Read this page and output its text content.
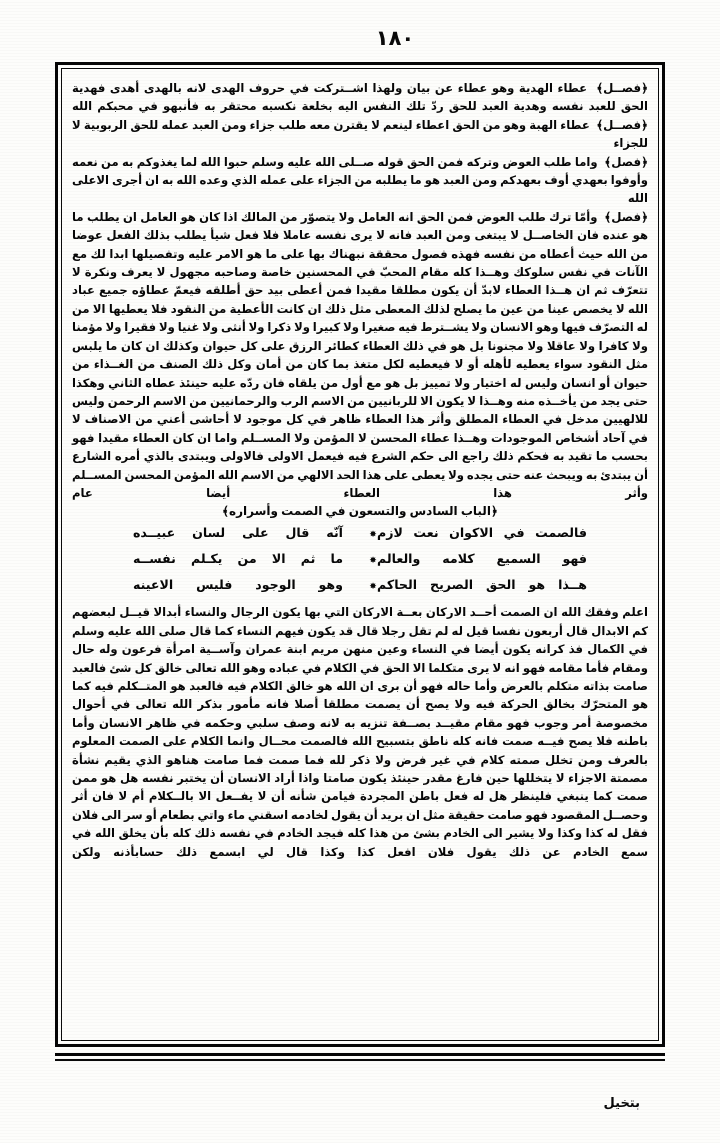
١٨٠

﴿فصــل﴾  عطاء الهدية وهو عطاء عن بيان ولهذا اشــتركت في حروف الهدى لانه بالهدى أهدى فهدية الحق للعبد نفسه وهدية العبد للحق ردّ تلك النفس اليه بخلعة نكسبه محتقر به فأنبهو في محبكم الله

﴿فصــل﴾  عطاء الهبة وهو من الحق اعطاء لينعم لا يقترن معه طلب جزاء ومن العبد عمله للحق الربوبية لا للجزاء

﴿فصل﴾  واما طلب العوض وتركه فمن الحق قوله صــلى الله عليه وسلم حبوا الله لما يغذوكم به من نعمه وأوفوا بعهدي أوف بعهدكم ومن العبد هو ما يطلبه من الجزاء على عمله الذي وعده الله به ان أجرى الاعلى الله

﴿فصل﴾  وأمّا ترك طلب العوض فمن الحق انه العامل ولا يتصوّر من المالك اذا كان هو العامل ان يطلب ما هو عنده فان الخاصــل لا يبتغى ومن العبد فانه لا يرى نفسه عاملا فلا فعل شيأ يطلب بذلك الفعل عوضا من الله حيث أعطاه من نفسه فهذه فصول محققة نبهناك بها على ما هو الامر عليه وتفصيلها ابدا لك مع الآنات في نفس سلوكك وهــذا كله مقام المحبّ في المحسنين خاصة وصاحبه مجهول لا يعرف ونكرة لا تتعرّف ثم ان هــذا العطاء لابدّ أن يكون مطلقا مقيدا فمن أعطى بيد حق أطلقه فيعمّ عطاؤه جميع عباد الله لا يخصص عينا من عين ما يصلح لذلك المعطى مثل ذلك ان كانت الأعطية من النقود فلا يعطيها الا من له التصرّف فيها وهو الانسان ولا يشــترط فيه صغيرا ولا كبيرا ولا ذكرا ولا أنثى ولا غنيا ولا فقيرا ولا مؤمنا ولا كافرا ولا عاقلا ولا مجنونا بل هو في ذلك العطاء كطائر الرزق على كل حيوان وكذلك ان كان ما يلبس مثل النقود سواء يعطيه لأهله أو لا فيعطيه لكل متغذ بما كان من أمان وكل ذلك الصنف من الغــذاء من حيوان أو انسان وليس له اختيار ولا تمييز بل هو مع أول من يلقاه فان ردّه عليه حينئذ عطاه الثاني وهكذا حتى يجد من يأخــذه منه وهــذا لا يكون الا للربانيين من الاسم الرب والرحمانيين من الاسم الرحمن وليس للالهيين مدخل في العطاء المطلق وأثر هذا العطاء ظاهر في كل موجود لا أحاشى أعني من الاصناف لا في آحاد أشخاص الموجودات وهــذا عطاء المحسن لا المؤمن ولا المســلم واما ان كان العطاء مقيدا فهو بحسب ما تقيد به فحكم ذلك راجع الى حكم الشرع فيه فيعمل الاولى فالاولى ويبتدى بالذي أمره الشارع أن يبتدئ به ويبحث عنه حتى يجده ولا يعطى على هذا الحد الالهي من الاسم الله المؤمن المحسن المســلم وأثر هذا العطاء أيضا عام

﴿الباب السادس والتسعون في الصمت وأسراره﴾
فالصمت في الاكوان نعت لازم
✸
آنّه قال على لسان عبيــده
فهو السميع كلامه والعالم
✸
ما ثم الا من يكـلم نفســه
هــذا هو الحق الصريح الحاكم
✸
وهو الوجود فليس الاعينه

اعلم وفقك الله ان الصمت أحــد الاركان بعــة الاركان التي بها يكون الرجال والنساء أبدالا قيــل لبعضهم كم الابدال قال أربعون نفسا قيل له لم تقل رجلا قال قد يكون فيهم النساء كما قال صلى الله عليه وسلم في الكمال فذ كرانه يكون أيضا في النساء وعين منهن مريم ابنة عمران وآســية امرأة فرعون وله حال ومقام فأما مقامه فهو انه لا يرى متكلما الا الحق في الكلام في عباده وهو الله تعالى خالق كل شئ فالعبد صامت بذاته متكلم بالعرض وأما حاله فهو أن برى ان الله هو خالق الكلام فيه فالعبد هو المتــكلم فيه كما هو المتحرّك بخالق الحركة فيه ولا يصح أن يصمت مطلقا أصلا فانه مأمور بذكر الله تعالى في أحوال مخصوصة أمر وجوب فهو مقام مقيــد بصــفة تنزيه به لانه وصف سلبي وحكمه في ظاهر الانسان وأما باطنه فلا يصح فيــه صمت فانه كله ناطق بتسبيح الله فالصمت محــال وانما الكلام على الصمت المعلوم بالعرف ومن تخلل صمته كلام في غير فرض ولا ذكر لله فما صمت فما صامت هناهو الذي يقيم نشأة مصمتة الاجزاء لا يتخللها حين فارغ مقدر حينئذ يكون صامتا واذا أراد الانسان أن يختبر نفسه هل هو ممن صمت كما ينبغي فلينظر هل له فعل باطن المجردة فيامن شأنه أن لا يفــعل الا بالــكلام أم لا فان أثر وحصــل المقصود فهو صامت حقيقة مثل ان بريد أن يقول لخادمه اسقني ماء واتي بطعام أو سر الى فلان فقل له كذا وكذا ولا يشير الى الخادم بشئ من هذا كله فيجد الخادم في نفسه ذلك كله بأن يخلق الله في سمع الخادم عن ذلك يقول فلان افعل كذا وكذا قال لي ابسمع ذلك حسابأذنه ولكن

بتخيل
